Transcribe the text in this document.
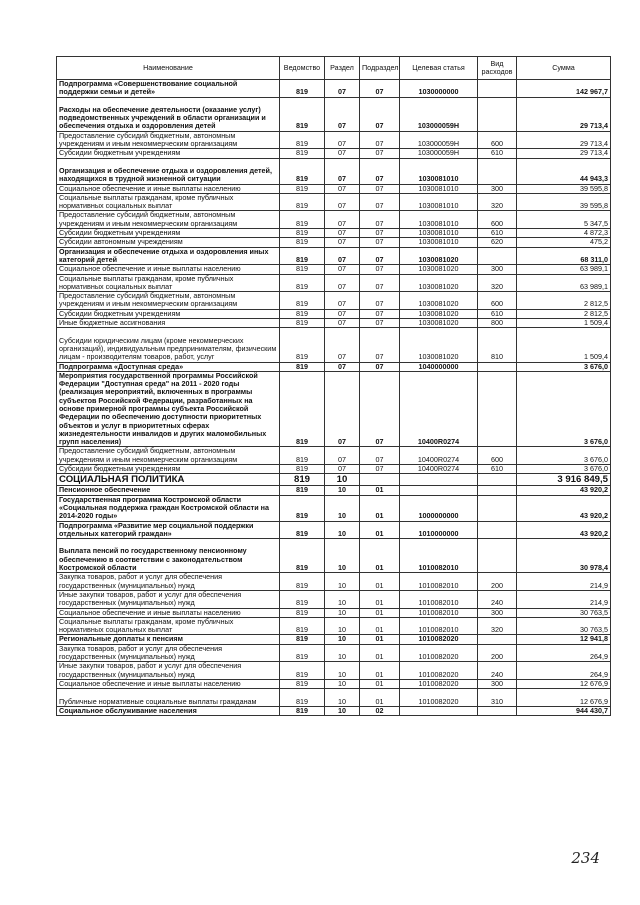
Наименование	Ведомство	Раздел	Подраздел	Целевая статья	Вид расходов	Сумма
Подпрограмма «Совершенствование социальной поддержки семьи и детей»	819	07	07	1030000000		142 967,7
Расходы на обеспечение деятельности (оказание услуг) подведомственных учреждений в области организации и обеспечения отдыха и оздоровления детей	819	07	07	103000059Н		29 713,4
Предоставление субсидий бюджетным, автономным учреждениям и иным некоммерческим организациям	819	07	07	103000059Н	600	29 713,4
Субсидии бюджетным учреждениям	819	07	07	103000059Н	610	29 713,4
Организация и обеспечение отдыха и оздоровления детей, находящихся в трудной жизненной ситуации	819	07	07	1030081010		44 943,3
Социальное обеспечение и иные выплаты населению	819	07	07	1030081010	300	39 595,8
Социальные выплаты гражданам, кроме публичных нормативных социальных выплат	819	07	07	1030081010	320	39 595,8
Предоставление субсидий бюджетным, автономным учреждениям и иным некоммерческим организациям	819	07	07	1030081010	600	5 347,5
Субсидии бюджетным учреждениям	819	07	07	1030081010	610	4 872,3
Субсидии автономным учреждениям	819	07	07	1030081010	620	475,2
Организация и обеспечение отдыха и оздоровления иных категорий детей	819	07	07	1030081020		68 311,0
Социальное обеспечение и иные выплаты населению	819	07	07	1030081020	300	63 989,1
Социальные выплаты гражданам, кроме публичных нормативных социальных выплат	819	07	07	1030081020	320	63 989,1
Предоставление субсидий бюджетным, автономным учреждениям и иным некоммерческим организациям	819	07	07	1030081020	600	2 812,5
Субсидии бюджетным учреждениям	819	07	07	1030081020	610	2 812,5
Иные бюджетные ассигнования	819	07	07	1030081020	800	1 509,4
Субсидии юридическим лицам (кроме некоммерческих организаций), индивидуальным предпринимателям, физическим лицам - производителям товаров, работ, услуг	819	07	07	1030081020	810	1 509,4
Подпрограмма «Доступная среда»	819	07	07	1040000000		3 676,0
Мероприятия государственной программы Российской Федерации "Доступная среда" на 2011 - 2020 годы (реализация мероприятий, включенных в программы субъектов Российской Федерации, разработанных на основе примерной программы субъекта Российской Федерации по обеспечению доступности приоритетных объектов и услуг в приоритетных сферах жизнедеятельности инвалидов и других маломобильных групп населения)	819	07	07	10400R0274		3 676,0
Предоставление субсидий бюджетным, автономным учреждениям и иным некоммерческим организациям	819	07	07	10400R0274	600	3 676,0
Субсидии бюджетным учреждениям	819	07	07	10400R0274	610	3 676,0
СОЦИАЛЬНАЯ ПОЛИТИКА	819	10				3 916 849,5
Пенсионное обеспечение	819	10	01			43 920,2
Государственная программа Костромской области «Социальная поддержка граждан Костромской области на 2014-2020 годы»	819	10	01	1000000000		43 920,2
Подпрограмма «Развитие мер социальной поддержки отдельных категорий граждан»	819	10	01	1010000000		43 920,2
Выплата пенсий по государственному пенсионному обеспечению в соответствии с законодательством Костромской области	819	10	01	1010082010		30 978,4
Закупка товаров, работ и услуг для обеспечения государственных (муниципальных) нужд	819	10	01	1010082010	200	214,9
Иные закупки товаров, работ и услуг для обеспечения государственных (муниципальных) нужд	819	10	01	1010082010	240	214,9
Социальное обеспечение и иные выплаты населению	819	10	01	1010082010	300	30 763,5
Социальные выплаты гражданам, кроме публичных нормативных социальных выплат	819	10	01	1010082010	320	30 763,5
Региональные доплаты к пенсиям	819	10	01	1010082020		12 941,8
Закупка товаров, работ и услуг для обеспечения государственных (муниципальных) нужд	819	10	01	1010082020	200	264,9
Иные закупки товаров, работ и услуг для обеспечения государственных (муниципальных) нужд	819	10	01	1010082020	240	264,9
Социальное обеспечение и иные выплаты населению	819	10	01	1010082020	300	12 676,9
Публичные нормативные социальные выплаты гражданам	819	10	01	1010082020	310	12 676,9
Социальное обслуживание населения	819	10	02			944 430,7
234
